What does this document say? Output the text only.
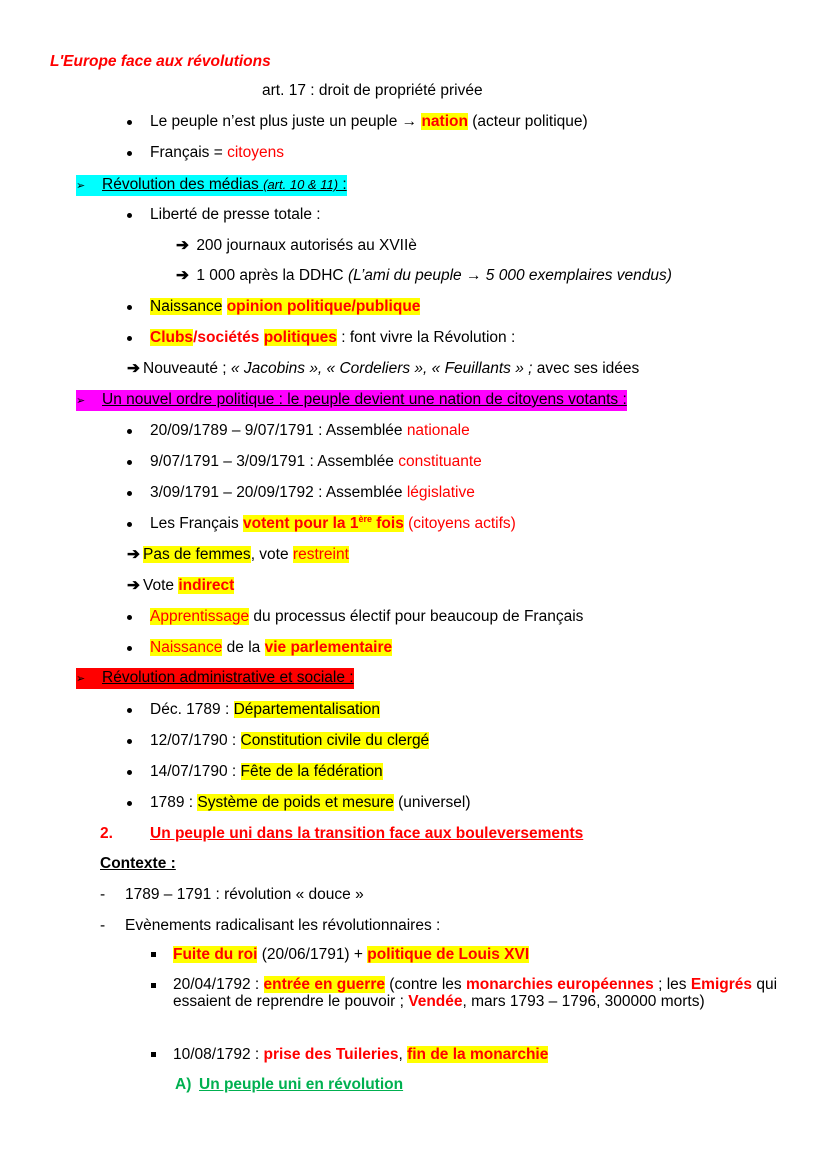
L'Europe face aux révolutions
art. 17 : droit de propriété privée
Le peuple n’est plus juste un peuple → nation (acteur politique)
Français = citoyens
➢ Révolution des médias (art. 10 & 11) :
Liberté de presse totale :
➔ 200 journaux autorisés au XVIIè
➔ 1 000 après la DDHC (L’ami du peuple → 5 000 exemplaires vendus)
Naissance opinion politique/publique
Clubs/sociétés politiques : font vivre la Révolution :
➔ Nouveauté ; « Jacobins », « Cordeliers », « Feuillants » ; avec ses idées
➢ Un nouvel ordre politique : le peuple devient une nation de citoyens votants :
20/09/1789 – 9/07/1791 : Assemblée nationale
9/07/1791 – 3/09/1791 : Assemblée constituante
3/09/1791 – 20/09/1792 : Assemblée législative
Les Français votent pour la 1ère fois (citoyens actifs)
➔ Pas de femmes, vote restreint
➔ Vote indirect
Apprentissage du processus électif pour beaucoup de Français
Naissance de la vie parlementaire
➢ Révolution administrative et sociale :
Déc. 1789 : Départementalisation
12/07/1790 : Constitution civile du clergé
14/07/1790 : Fête de la fédération
1789 : Système de poids et mesure (universel)
2. Un peuple uni dans la transition face aux bouleversements
Contexte :
- 1789 – 1791 : révolution « douce »
- Evènements radicalisant les révolutionnaires :
Fuite du roi (20/06/1791) + politique de Louis XVI
20/04/1792 : entrée en guerre (contre les monarchies européennes ; les Emigrés qui essaient de reprendre le pouvoir ; Vendée, mars 1793 – 1796, 300000 morts)
10/08/1792 : prise des Tuileries, fin de la monarchie
A) Un peuple uni en révolution
